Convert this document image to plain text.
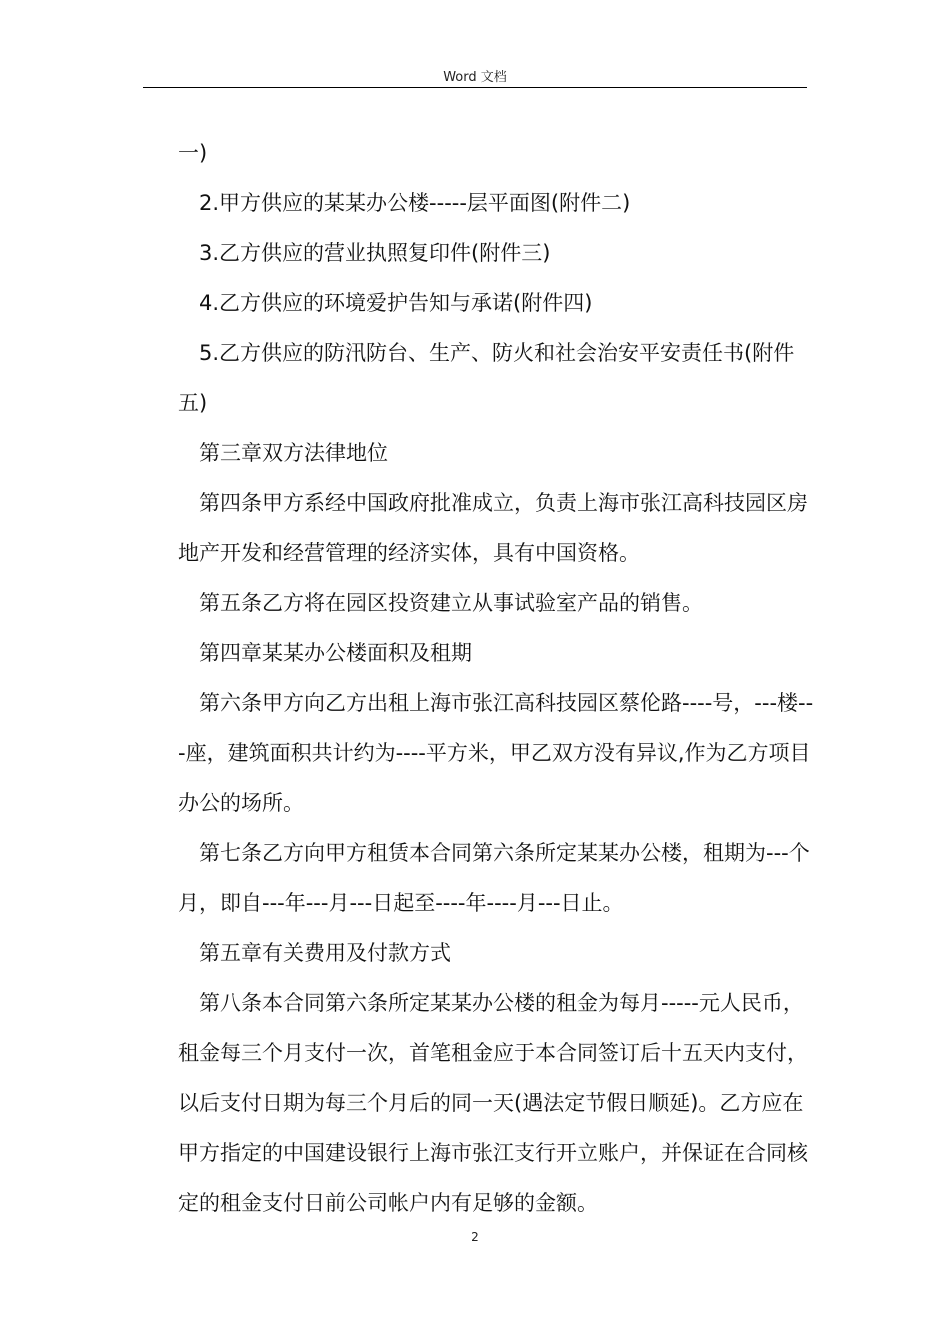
Word 文档

一)

2.甲方供应的某某办公楼-----层平面图(附件二)

3.乙方供应的营业执照复印件(附件三)

4.乙方供应的环境爱护告知与承诺(附件四)

5.乙方供应的防汛防台、生产、防火和社会治安平安责任书(附件五)

第三章双方法律地位

第四条甲方系经中国政府批准成立，负责上海市张江高科技园区房地产开发和经营管理的经济实体，具有中国资格。

第五条乙方将在园区投资建立从事试验室产品的销售。

第四章某某办公楼面积及租期

第六条甲方向乙方出租上海市张江高科技园区蔡伦路----号，---楼---座，建筑面积共计约为----平方米，甲乙双方没有异议,作为乙方项目办公的场所。

第七条乙方向甲方租赁本合同第六条所定某某办公楼，租期为---个月，即自---年---月---日起至----年----月---日止。

第五章有关费用及付款方式

第八条本合同第六条所定某某办公楼的租金为每月-----元人民币，租金每三个月支付一次，首笔租金应于本合同签订后十五天内支付，以后支付日期为每三个月后的同一天(遇法定节假日顺延)。乙方应在甲方指定的中国建设银行上海市张江支行开立账户，并保证在合同核定的租金支付日前公司帐户内有足够的金额。

2
